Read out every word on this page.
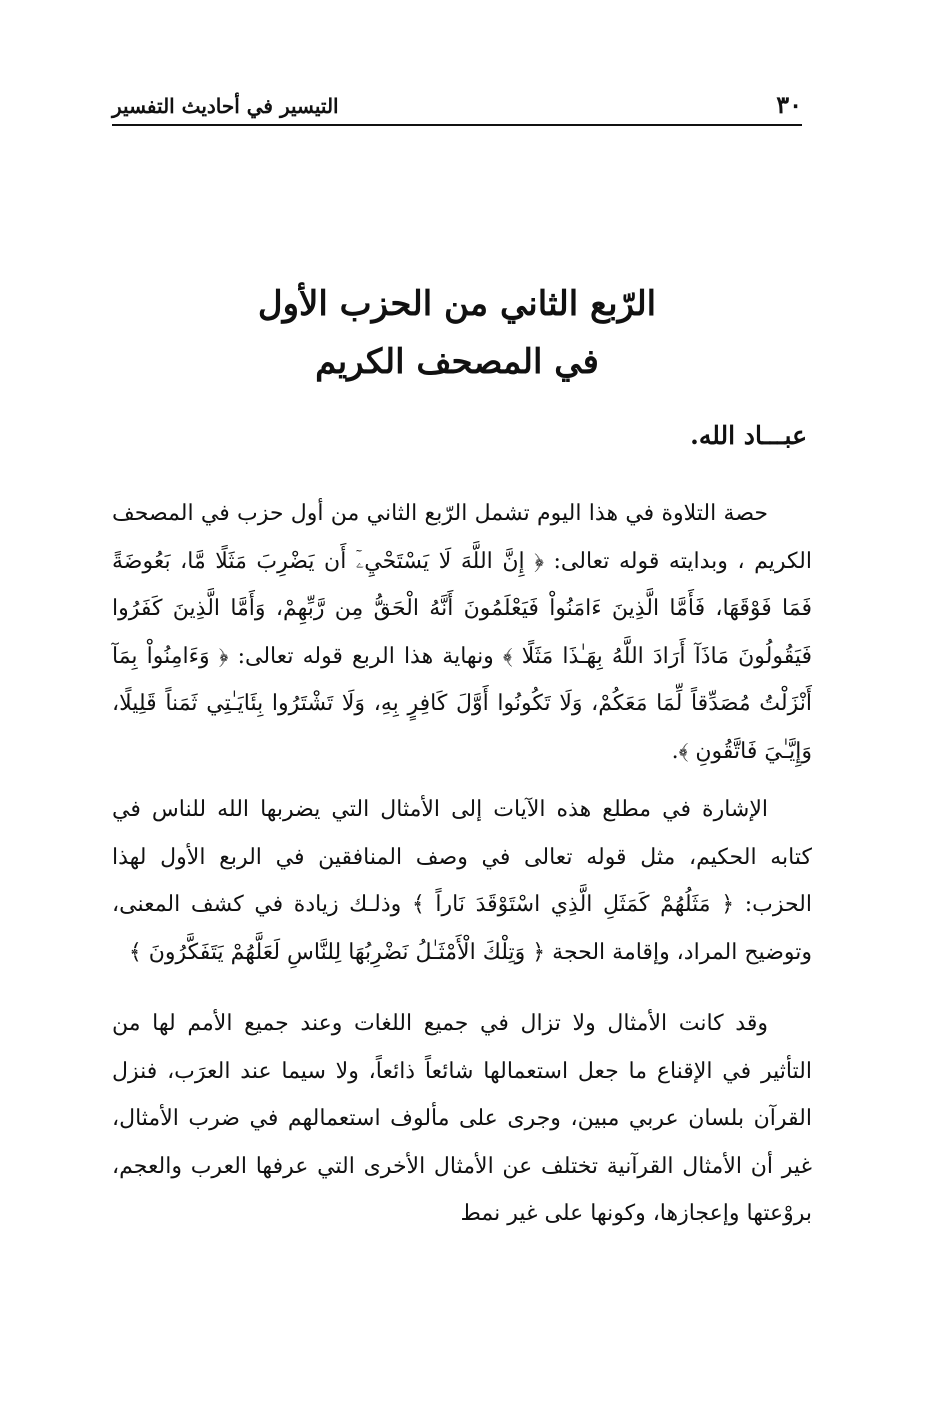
٣٠
التيسير في أحاديث التفسير
الرّبع الثاني من الحزب الأول
في المصحف الكريم
عبـــاد الله.

حصة التلاوة في هذا اليوم تشمل الرّبع الثاني من أول حزب في المصحف الكريم ، وبدايته قوله تعالى: ﴿ إِنَّ اللَّهَ لَا يَسْتَحْيِۦٓ أَن يَضْرِبَ مَثَلًا مَّا، بَعُوضَةً فَمَا فَوْقَهَا، فَأَمَّا الَّذِينَ ءَامَنُواْ فَيَعْلَمُونَ أَنَّهُ الْحَقُّ مِن رَّبِّهِمْ، وَأَمَّا الَّذِينَ كَفَرُوا فَيَقُولُونَ مَاذَآ أَرَادَ اللَّهُ بِهَـٰذَا مَثَلًا ﴾ ونهاية هذا الربع قوله تعالى: ﴿ وَءَامِنُواْ بِمَآ أَنْزَلْتُ مُصَدِّقاً لِّمَا مَعَكُمْ، وَلَا تَكُونُوا أَوَّلَ كَافِرٍ بِهِ، وَلَا تَشْتَرُوا بِئَايَـٰتِي ثَمَناً قَلِيلًا، وَإِيَّـٰيَ فَاتَّقُونِ ﴾.

الإشارة في مطلع هذه الآيات إلى الأمثال التي يضربها الله للناس في كتابه الحكيم، مثل قوله تعالى في وصف المنافقين في الربع الأول لهذا الحزب: ﴿ مَثَلُهُمْ كَمَثَلِ الَّذِي اسْتَوْقَدَ نَاراً ﴾ وذلـك زيادة في كشف المعنى، وتوضيح المراد، وإقامة الحجة ﴿ وَتِلْكَ الْأَمْثَـٰلُ نَضْرِبُهَا لِلنَّاسِ لَعَلَّهُمْ يَتَفَكَّرُونَ ﴾

وقد كانت الأمثال ولا تزال في جميع اللغات وعند جميع الأمم لها من التأثير في الإقناع ما جعل استعمالها شائعاً ذائعاً، ولا سيما عند العرَب، فنزل القرآن بلسان عربي مبين، وجرى على مألوف استعمالهم في ضرب الأمثال، غير أن الأمثال القرآنية تختلف عن الأمثال الأخرى التي عرفها العرب والعجم، بروْعتها وإعجازها، وكونها على غير نمط
